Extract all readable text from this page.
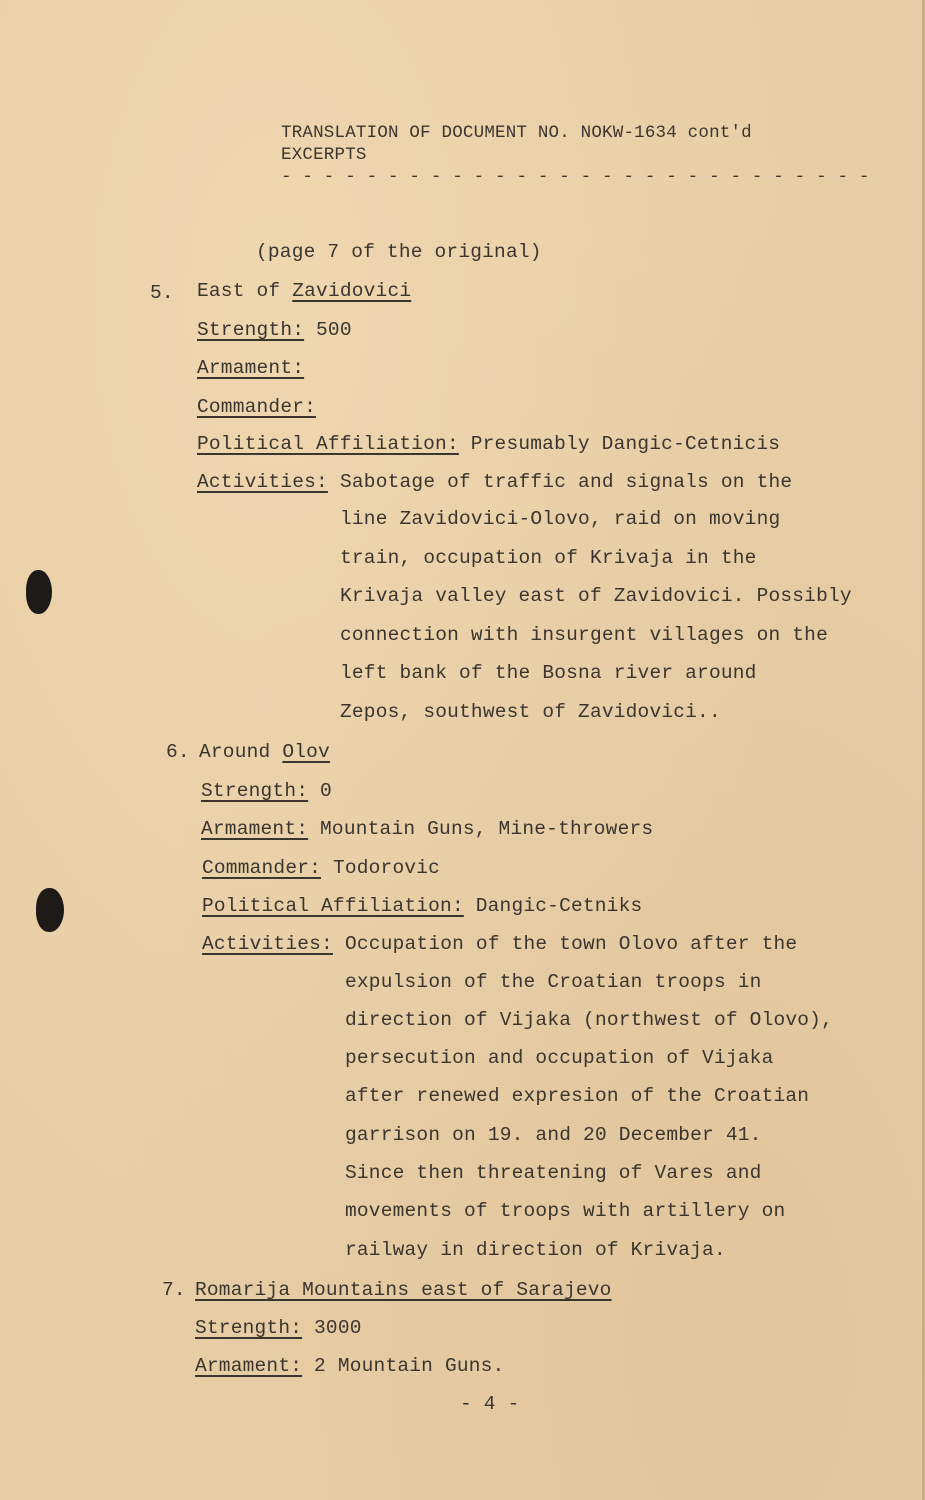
TRANSLATION OF DOCUMENT NO. NOKW-1634 cont'd
EXCERPTS
- - - - - - - - - - - - - - - - - - - - - - - - - - - -
(page 7 of the original)
5. East of Zavidovici
Strength: 500
Armament:
Commander:
Political Affiliation: Presumably Dangic-Cetnicis
Activities: Sabotage of traffic and signals on the
line Zavidovici-Olovo, raid on moving
train, occupation of Krivaja in the
Krivaja valley east of Zavidovici. Possibly
connection with insurgent villages on the
left bank of the Bosna river around
Zepos, southwest of Zavidovici..
6. Around Olov
Strength: 0
Armament: Mountain Guns, Mine-throwers
Commander: Todorovic
Political Affiliation: Dangic-Cetniks
Activities: Occupation of the town Olovo after the
expulsion of the Croatian troops in
direction of Vijaka (northwest of Olovo),
persecution and occupation of Vijaka
after renewed expresion of the Croatian
garrison on 19. and 20 December 41.
Since then threatening of Vares and
movements of troops with artillery on
railway in direction of Krivaja.
7. Romarija Mountains east of Sarajevo
Strength: 3000
Armament: 2 Mountain Guns.
- 4 -
